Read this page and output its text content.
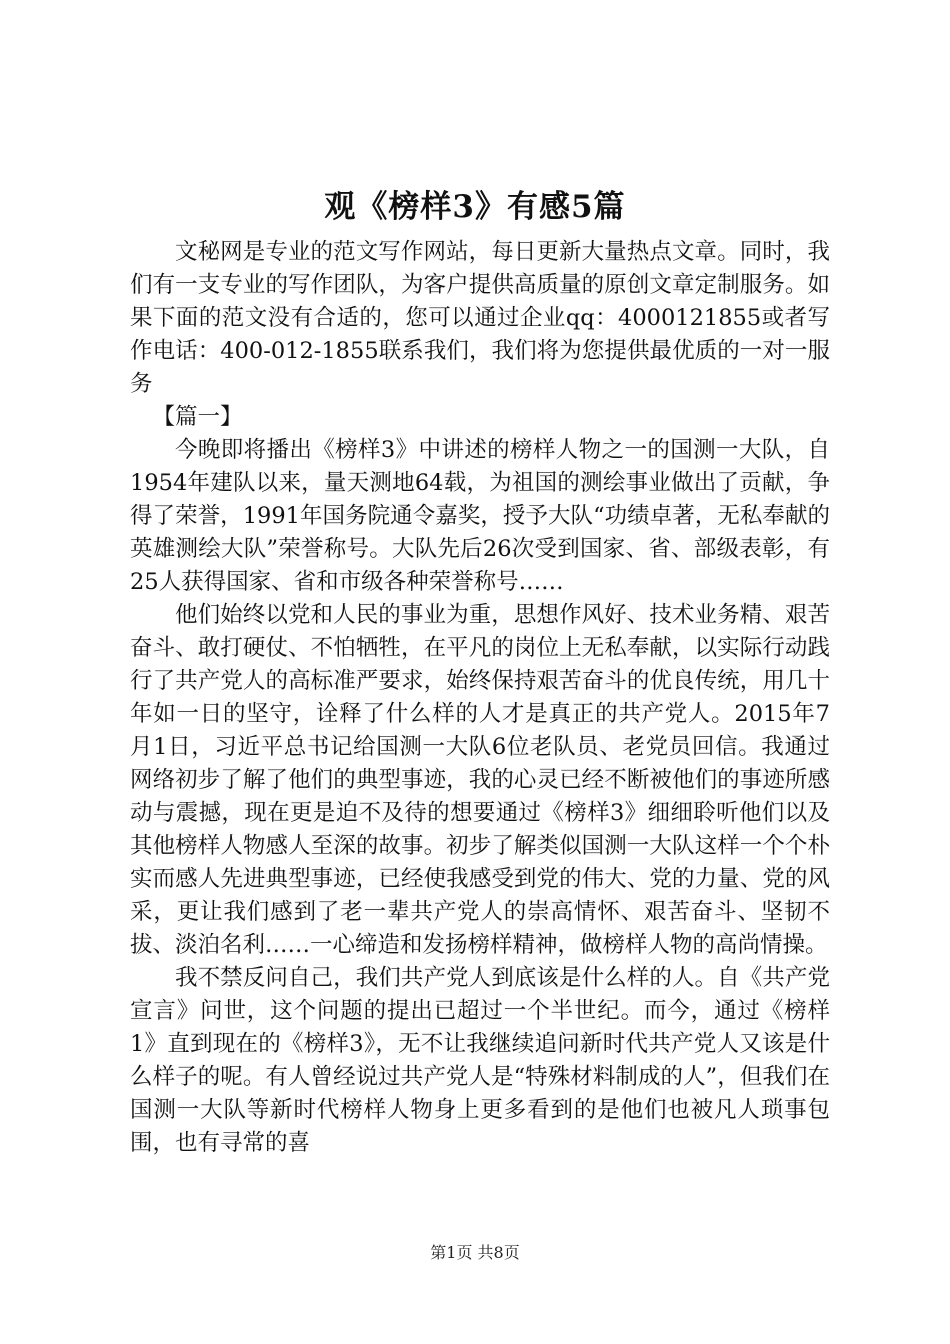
观《榜样3》有感5篇

文秘网是专业的范文写作网站，每日更新大量热点文章。同时，我们有一支专业的写作团队，为客户提供高质量的原创文章定制服务。如果下面的范文没有合适的，您可以通过企业qq：4000121855或者写作电话：400-012-1855联系我们，我们将为您提供最优质的一对一服务

【篇一】

今晚即将播出《榜样3》中讲述的榜样人物之一的国测一大队，自1954年建队以来，量天测地64载，为祖国的测绘事业做出了贡献，争得了荣誉，1991年国务院通令嘉奖，授予大队“功绩卓著，无私奉献的英雄测绘大队”荣誉称号。大队先后26次受到国家、省、部级表彰，有25人获得国家、省和市级各种荣誉称号……

他们始终以党和人民的事业为重，思想作风好、技术业务精、艰苦奋斗、敢打硬仗、不怕牺牲，在平凡的岗位上无私奉献，以实际行动践行了共产党人的高标准严要求，始终保持艰苦奋斗的优良传统，用几十年如一日的坚守，诠释了什么样的人才是真正的共产党人。2015年7月1日，习近平总书记给国测一大队6位老队员、老党员回信。我通过网络初步了解了他们的典型事迹，我的心灵已经不断被他们的事迹所感动与震撼，现在更是迫不及待的想要通过《榜样3》细细聆听他们以及其他榜样人物感人至深的故事。初步了解类似国测一大队这样一个个朴实而感人先进典型事迹，已经使我感受到党的伟大、党的力量、党的风采，更让我们感到了老一辈共产党人的崇高情怀、艰苦奋斗、坚韧不拔、淡泊名利……一心缔造和发扬榜样精神，做榜样人物的高尚情操。

我不禁反问自己，我们共产党人到底该是什么样的人。自《共产党宣言》问世，这个问题的提出已超过一个半世纪。而今，通过《榜样1》直到现在的《榜样3》，无不让我继续追问新时代共产党人又该是什么样子的呢。有人曾经说过共产党人是“特殊材料制成的人”，但我们在国测一大队等新时代榜样人物身上更多看到的是他们也被凡人琐事包围，也有寻常的喜

第1页 共8页
